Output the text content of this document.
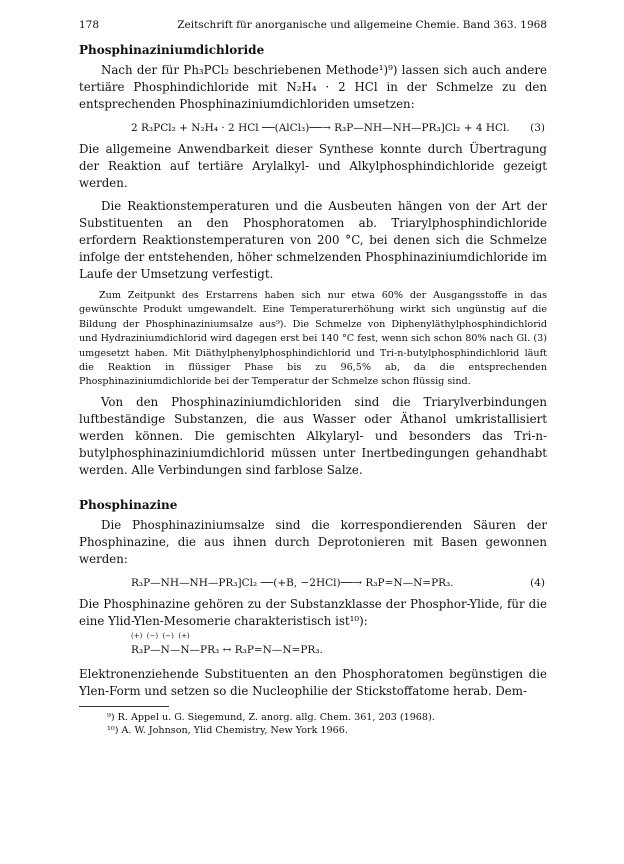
178	Zeitschrift für anorganische und allgemeine Chemie. Band 363. 1968
Phosphinaziniumdichloride

Nach der für Ph₃PCl₂ beschriebenen Methode¹)⁹) lassen sich auch andere tertiäre Phosphindichloride mit N₂H₄ · 2 HCl in der Schmelze zu den entsprechenden Phosphinaziniumdichloriden umsetzen:

2 R₃PCl₂ + N₂H₄ · 2 HCl ──(AlCl₃)──→ R₃P—NH—NH—PR₃]Cl₂ + 4 HCl. (3)

Die allgemeine Anwendbarkeit dieser Synthese konnte durch Übertragung der Reaktion auf tertiäre Arylalkyl- und Alkylphosphindichloride gezeigt werden.

Die Reaktionstemperaturen und die Ausbeuten hängen von der Art der Substituenten an den Phosphoratomen ab. Triarylphosphindichloride erfordern Reaktionstemperaturen von 200 °C, bei denen sich die Schmelze infolge der entstehenden, höher schmelzenden Phosphinaziniumdichloride im Laufe der Umsetzung verfestigt.

Zum Zeitpunkt des Erstarrens haben sich nur etwa 60% der Ausgangsstoffe in das gewünschte Produkt umgewandelt. Eine Temperaturerhöhung wirkt sich ungünstig auf die Bildung der Phosphinaziniumsalze aus⁹). Die Schmelze von Diphenyläthylphosphindichlorid und Hydraziniumdichlorid wird dagegen erst bei 140 °C fest, wenn sich schon 80% nach Gl. (3) umgesetzt haben. Mit Diäthylphenylphosphindichlorid und Tri-n-butylphosphindichlorid läuft die Reaktion in flüssiger Phase bis zu 96,5% ab, da die entsprechenden Phosphinaziniumdichloride bei der Temperatur der Schmelze schon flüssig sind.

Von den Phosphinaziniumdichloriden sind die Triarylverbindungen luftbeständige Substanzen, die aus Wasser oder Äthanol umkristallisiert werden können. Die gemischten Alkylaryl- und besonders das Tri-n-butylphosphinaziniumdichlorid müssen unter Inertbedingungen gehandhabt werden. Alle Verbindungen sind farblose Salze.

Phosphinazine

Die Phosphinaziniumsalze sind die korrespondierenden Säuren der Phosphinazine, die aus ihnen durch Deprotonieren mit Basen gewonnen werden:

R₃P—NH—NH—PR₃]Cl₂ ──(+B, −2HCl)──→ R₃P=N—N=PR₃.	(4)

Die Phosphinazine gehören zu der Substanzklasse der Phosphor-Ylide, für die eine Ylid-Ylen-Mesomerie charakteristisch ist¹⁰):

(+)  (−)  (−)  (+)
R₃P—N—N—PR₃ ↔ R₃P=N—N=PR₃.

Elektronenziehende Substituenten an den Phosphoratomen begünstigen die Ylen-Form und setzen so die Nucleophilie der Stickstoffatome herab. Dem-

⁹) R. Appel u. G. Siegemund, Z. anorg. allg. Chem. 361, 203 (1968).

¹⁰) A. W. Johnson, Ylid Chemistry, New York 1966.
